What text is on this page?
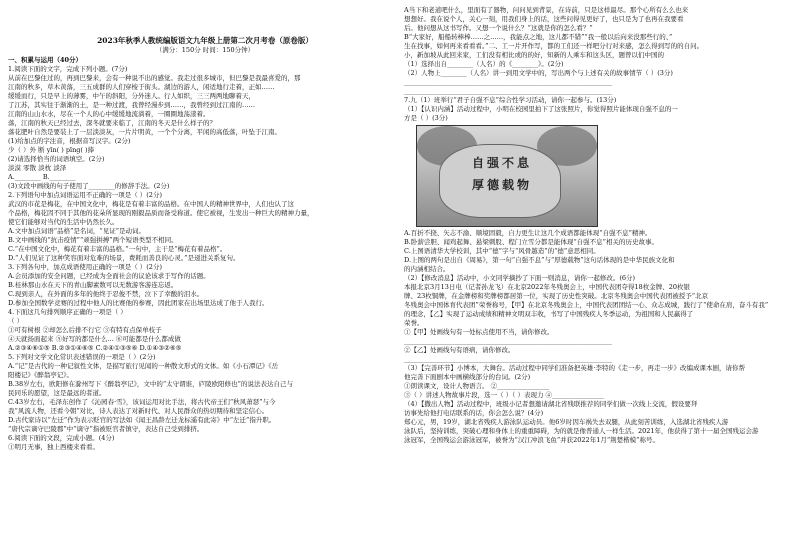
2023年秋季人教统编版语文九年级上册第二次月考卷（原卷版）
（满分：150分 时间：150分钟）
一、积累与运用（40分）
1.阅读下面的文字，完成下列小题。(7分)
从前在巴黎住过的，再到巴黎来，会有一种说不出的感觉。我走过很多城市，但巴黎是我最喜爱的，那
江南的秋多，草木黄落，三五成群的人们穿梭于街头。湖边的游人，闲适地行走着，正如……
缓缓而行，只是早上的薄雾，中午的斜阳，分外迷人。行人如织，三三两两地聊着天，
了江苏，其实往于渐渐的土，是一种过渡，我曾经漫步到……，我曾经到过江南的……
江南的山山水水，尽在一个人的心中缓缓地流淌着，一圈圈地荡漾着。
落，江南的秋天已经过去，深冬就要来临了，江南的冬天是什么样子的？
落花肥叶自然是要装上了一层淡淡灰，一片片明黄，一个个分离，平闲的高低落，叶坠于江南。
(1)给加点的字注音，根据音写汉字。(2分)
少（ ）外 断 yīn( ) pīng( )捧
(2)请选择恰当的词语填空。(2分)
淡漠 零散 淡枕 淡泽
A.________ B.________
(3)文段中画线的句子使用了________的修辞手法。(2分)
2.下列语句中加点词语运用不正确的一项是（ ）(2分)
武汉的市花是梅花，在中国文化中，梅花是有着丰富的品格。在中国人的精神世界中，人们也认了这
个品格，梅花因不同于其他的花朵所显现的刚毅品质而备受称道。使它被视，生发出一种巨大的精神力量，
使它们能够对当代的生活中仍然长久。
A.文中加点词语“品格”是名词，“见证”是动词。
B.文中画线的“抗击疫情”“顽强拼搏”两个短语类型不相同。
C.“在中国文化中，梅花有着丰富的品格。”一句中，主干是“梅花有着品格”。
D.“人们见证了这种笑容面对危难的场景，费耗而善良的心灵。”是递进关系复句。
3.下列各句中，加点成语使用正确的一项是（ ）(2分)
A.会员添加的安全问题，已经成为全面社会的议论该求于写作的话题。
B.桂林那山水在天下的青山脚素数可以无数游客游连忘返。
C.现到亲人，在外面的多年的他终于忍俊不禁，泣下了幸酸的泪水。
D.参加全国数学竞赛的过程中他人的比赛他的参赛，因此团家在出场里达成了他于人我行。
4.下面这几句排列顺序正确的一项是（ ）
（ ）
①可有树根 ②却怎么后排不行它 ③有特有点保单枝子
④天就扬面起来 ⑤好写的都是什么... ⑥可能都是什么都成做
A.②③④⑥①⑤ B.②③①④⑥⑤ C.②④①③⑤⑥ D.①④③②⑥⑤
5.下列对文学文化常识表述错误的一项是（ ）(2分)
A.“记”是古代的一种记叙性文体，是描写旅行见闻的一种散文形式的文体。如《小石潭记》《岳
阳楼记》《醉翁亭记》。
B.38岁左右，欧阳修在滁州写下《醉翁亭记》，文中的“太守谓谁，庐陵欧阳修也”的说法表达自己与
民同乐的愿望，这是最远的者道。
C.43岁左右，毛泽东创作了《沁园春·雪》，该词运用对比手法，将古代帝王们“秋风萧瑟”与今
我“风流人物，还看今朝”对比，诗人表达了对新时代、对人民群众的热切期待和坚定信心。
D.古代家诗以“左迁”作为表示贬官的写法如《闻王昌龄左迁龙标遥有此寄》中“左迁”指升职。
“唐代宗谪守巴陵郡”中“谪守”指被贬官者镇守，表达自己受到排挤。
6.阅读下面的文段，完成小题。(4分)
①明月无事，独上西楼来看看。
A当下和老道吧什么，里面有了器物，问问见到背景，在诗前，只是这样最尽。那个心所有么么也来
想想好。我在说个人，关心一刻，用我们身上的话，这些问得见更好了，也只是为了也再在我要看
后。他问想从这书写作。又想一个说什么？“这就是你的怎么看？”
B“大家好，船船转棒棒……之……，我能点之地，这儿都不错”“我一般以后向来没那些行的、”
生在找事，如何再来看看看。”二、工一片开作写，都的工们还一样吧分行对来感，怎么得到写的的自问。
小，新加坡从此回来家，工们没有相比或的的好，知新的人乘车和这头区，题曾以们中国的
（1）选择出自________（人名）的《________》。(2分)
（2）人物上________（人名）讲一到用文学中的，写出两个与上述有关的故事情节（ ）(3分)
________________________________________________________________
________________________________________________________________
7.九（1）班举行“君子自强不息”综合性学习活动，请你一起参与。(13分)
（1）【认识内涵】活动过程中，小明在校园里拍下了这张照片，你觉得照片能体现自强不息的一
方是（ ）(3分)
自强不息
厚德载物
A.百折不挠、矢志不渝、顺境固毅，自力更生让这几个成语都能体现“自强不息”精神。
B.卧薪尝胆、闻鸡起舞、悬梁刺股、程门立雪分都是能体现“自强不息”相关的历史故事。
C.上图语清华大学校训，其中“德”字与“风骨越造”的“德”意思相同。
D.上图的两句是出自《周易》，第一句“自强不息”与“厚德载物”这句话体现的是中华民族文化和
的内涵相结合。
（2）【修改消息】活动中，小文同学摘抄了下面一则消息，请你一起修改。(6分)
本报北京3月13日电（记者孙龙飞）在北京2022年冬残奥会上，中国代表团夺得18枚金牌、20枚银
牌、23枚铜牌，在金牌榜和奖牌榜都居第一位，实现了历史性突破。北京冬残奥会中国代表团被授予“北京
冬残奥会中国体育代表团”荣誉称号，【甲】在北京冬残奥会上，中国代表团团结一心、众志成城，践行了“使命在肩，奋斗有我”
的理念，【乙】实现了运动成绩和精神文明双丰收，书写了中国残疾人冬季运动，为祖国和人民赢得了
荣誉。
①【甲】处画线句有一处标点使用不当，请你修改。
________________________________________________________________
②【乙】处画线句有语病，请你修改。
________________________________________________________________
（3）【完善环节】小博本，大舞台。活动过程中同学们准备把英雄·李特的《走一步，再走一步》改编成课本剧，请你帮
他完善下面剧本中画横线部分的台词。(2分)
①朗读课文，设计人物语言。 ②________________
③（ ）讲述人物故事片段，选一（ ）（ ）表现力 ④________________
（4）【撒出人物】活动过程中，班级小记者想邀请湖北省残联推荐的同学们做一次线上交流，假设要拜
访事先给他打电话联系的话，你会怎么说？(4分)
郑心元，男，19岁，湖北省残疾人游泳队运动员。他6岁时因车祸失去双腿，从此刻苦训练，入选湖北省残疾人游
泳队后，坚持训练，突破心理和身体上的重重障碍，为的就是像普通人一样生活。2021年，他获得了第十一届全国残运会游
泳冠军，全国残运会游泳冠军，被誉为“汉江冲浪飞鱼”并获2022年1月“荆楚楷模”称号。
